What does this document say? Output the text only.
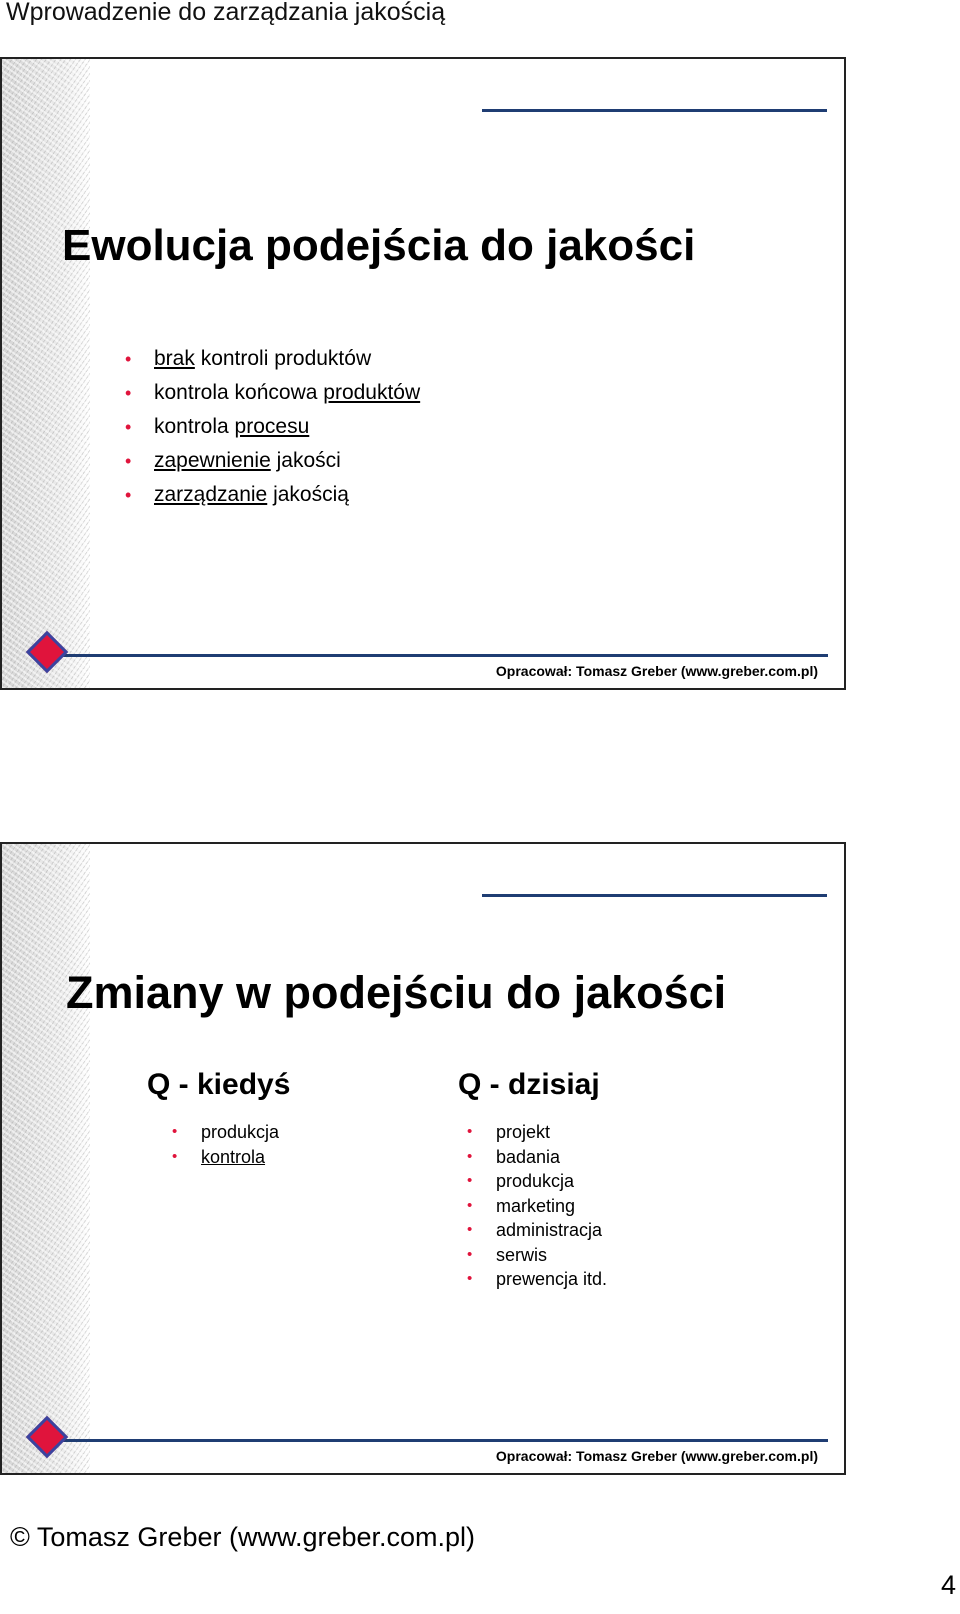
Wprowadzenie do zarządzania jakością
Ewolucja podejścia do jakości
• brak kontroli produktów
• kontrola końcowa produktów
• kontrola procesu
• zapewnienie jakości
• zarządzanie jakością
Opracował: Tomasz Greber (www.greber.com.pl)
Zmiany w podejściu do jakości
Q - kiedyś
• produkcja
• kontrola
Q - dzisiaj
• projekt
• badania
• produkcja
• marketing
• administracja
• serwis
• prewencja itd.
Opracował: Tomasz Greber (www.greber.com.pl)
© Tomasz Greber (www.greber.com.pl)
4
